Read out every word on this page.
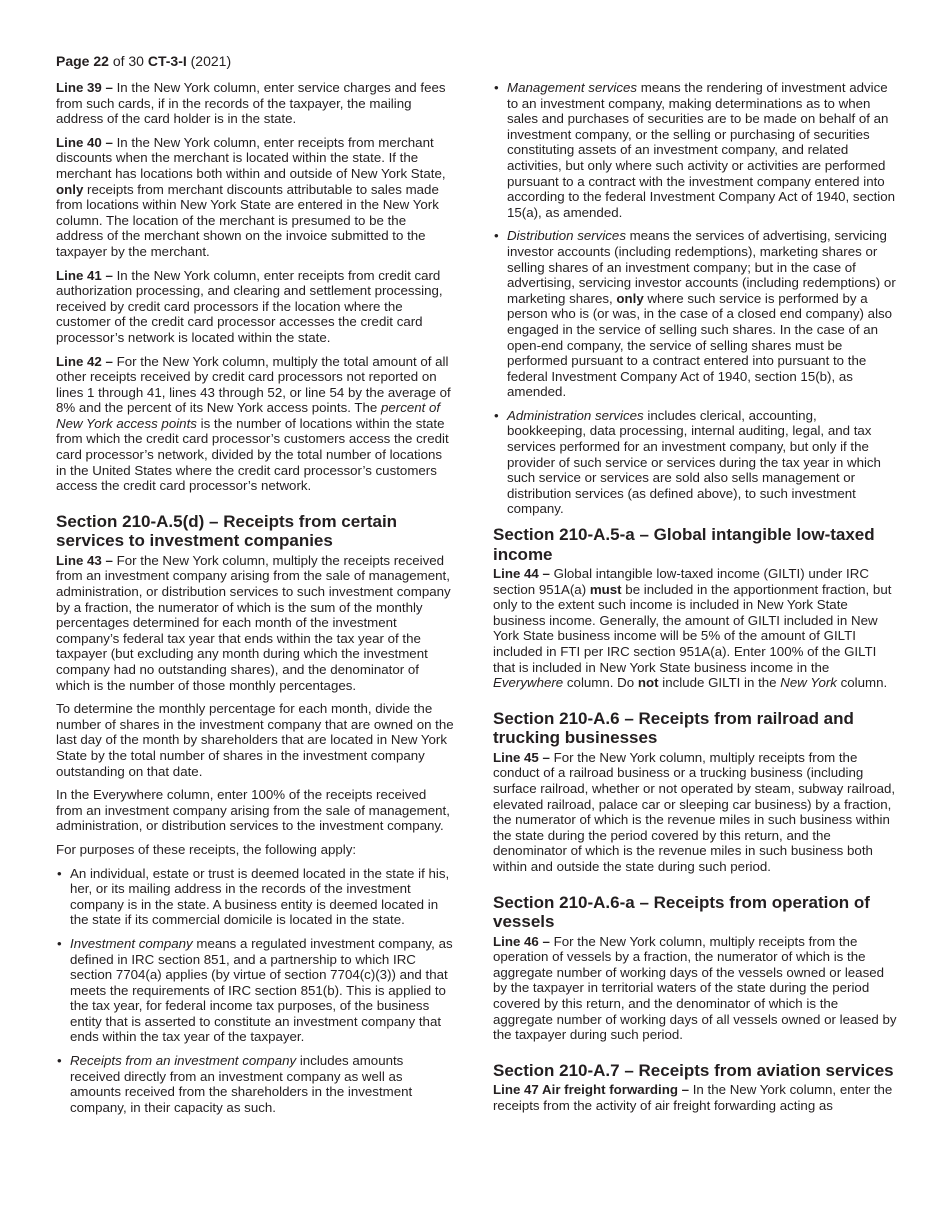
Page 22 of 30 CT-3-I (2021)

Line 39 – In the New York column, enter service charges and fees from such cards, if in the records of the taxpayer, the mailing address of the card holder is in the state.

Line 40 – In the New York column, enter receipts from merchant discounts when the merchant is located within the state. If the merchant has locations both within and outside of New York State, only receipts from merchant discounts attributable to sales made from locations within New York State are entered in the New York column. The location of the merchant is presumed to be the address of the merchant shown on the invoice submitted to the taxpayer by the merchant.

Line 41 – In the New York column, enter receipts from credit card authorization processing, and clearing and settlement processing, received by credit card processors if the location where the customer of the credit card processor accesses the credit card processor’s network is located within the state.

Line 42 – For the New York column, multiply the total amount of all other receipts received by credit card processors not reported on lines 1 through 41, lines 43 through 52, or line 54 by the average of 8% and the percent of its New York access points. The percent of New York access points is the number of locations within the state from which the credit card processor’s customers access the credit card processor’s network, divided by the total number of locations in the United States where the credit card processor’s customers access the credit card processor’s network.

Section 210-A.5(d) – Receipts from certain services to investment companies

Line 43 – For the New York column, multiply the receipts received from an investment company arising from the sale of management, administration, or distribution services to such investment company by a fraction, the numerator of which is the sum of the monthly percentages determined for each month of the investment company’s federal tax year that ends within the tax year of the taxpayer (but excluding any month during which the investment company had no outstanding shares), and the denominator of which is the number of those monthly percentages.

To determine the monthly percentage for each month, divide the number of shares in the investment company that are owned on the last day of the month by shareholders that are located in New York State by the total number of shares in the investment company outstanding on that date.

In the Everywhere column, enter 100% of the receipts received from an investment company arising from the sale of management, administration, or distribution services to the investment company.

For purposes of these receipts, the following apply:

• An individual, estate or trust is deemed located in the state if his, her, or its mailing address in the records of the investment company is in the state. A business entity is deemed located in the state if its commercial domicile is located in the state.
• Investment company means a regulated investment company, as defined in IRC section 851, and a partnership to which IRC section 7704(a) applies (by virtue of section 7704(c)(3)) and that meets the requirements of IRC section 851(b). This is applied to the tax year, for federal income tax purposes, of the business entity that is asserted to constitute an investment company that ends within the tax year of the taxpayer.
• Receipts from an investment company includes amounts received directly from an investment company as well as amounts received from the shareholders in the investment company, in their capacity as such.
• Management services means the rendering of investment advice to an investment company, making determinations as to when sales and purchases of securities are to be made on behalf of an investment company, or the selling or purchasing of securities constituting assets of an investment company, and related activities, but only where such activity or activities are performed pursuant to a contract with the investment company entered into according to the federal Investment Company Act of 1940, section 15(a), as amended.
• Distribution services means the services of advertising, servicing investor accounts (including redemptions), marketing shares or selling shares of an investment company; but in the case of advertising, servicing investor accounts (including redemptions) or marketing shares, only where such service is performed by a person who is (or was, in the case of a closed end company) also engaged in the service of selling such shares. In the case of an open-end company, the service of selling shares must be performed pursuant to a contract entered into pursuant to the federal Investment Company Act of 1940, section 15(b), as amended.
• Administration services includes clerical, accounting, bookkeeping, data processing, internal auditing, legal, and tax services performed for an investment company, but only if the provider of such service or services during the tax year in which such service or services are sold also sells management or distribution services (as defined above), to such investment company.
Section 210-A.5-a – Global intangible low-taxed income

Line 44 – Global intangible low-taxed income (GILTI) under IRC section 951A(a) must be included in the apportionment fraction, but only to the extent such income is included in New York State business income. Generally, the amount of GILTI included in New York State business income will be 5% of the amount of GILTI included in FTI per IRC section 951A(a). Enter 100% of the GILTI that is included in New York State business income in the Everywhere column. Do not include GILTI in the New York column.

Section 210-A.6 – Receipts from railroad and trucking businesses

Line 45 – For the New York column, multiply receipts from the conduct of a railroad business or a trucking business (including surface railroad, whether or not operated by steam, subway railroad, elevated railroad, palace car or sleeping car business) by a fraction, the numerator of which is the revenue miles in such business within the state during the period covered by this return, and the denominator of which is the revenue miles in such business both within and outside the state during such period.

Section 210-A.6-a – Receipts from operation of vessels

Line 46 – For the New York column, multiply receipts from the operation of vessels by a fraction, the numerator of which is the aggregate number of working days of the vessels owned or leased by the taxpayer in territorial waters of the state during the period covered by this return, and the denominator of which is the aggregate number of working days of all vessels owned or leased by the taxpayer during such period.

Section 210-A.7 – Receipts from aviation services

Line 47 Air freight forwarding – In the New York column, enter the receipts from the activity of air freight forwarding acting as
